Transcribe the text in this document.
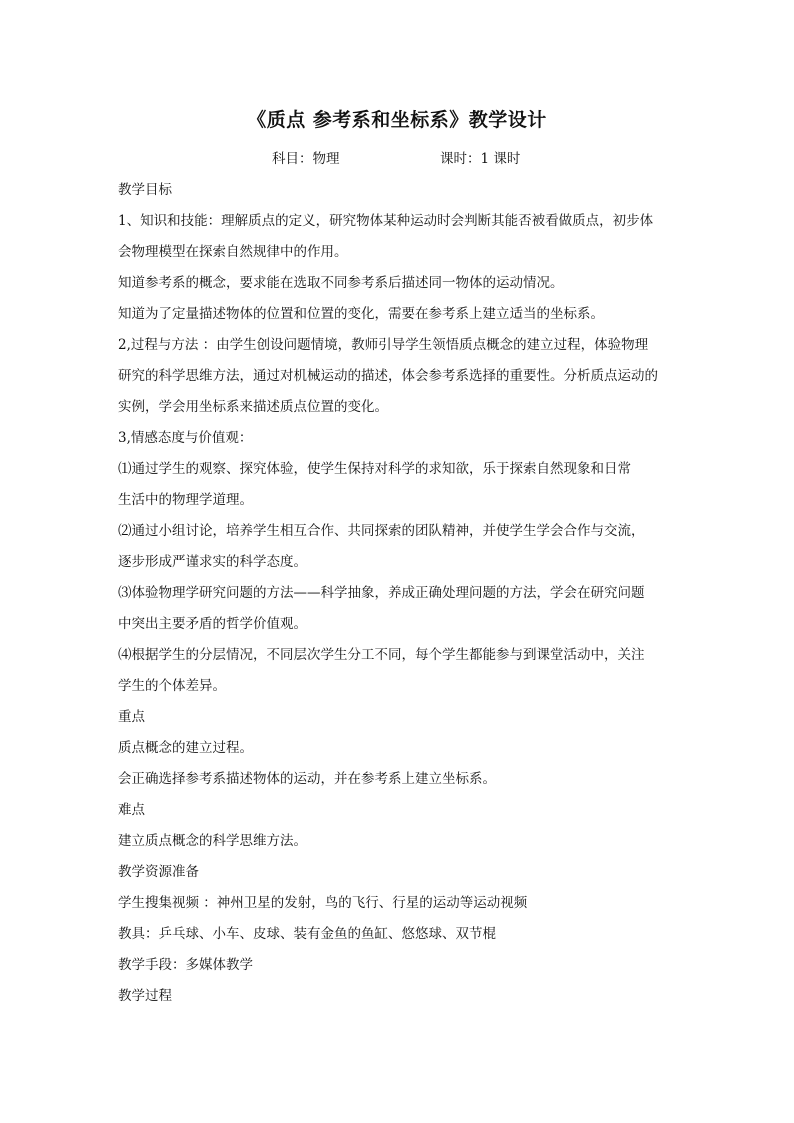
《质点 参考系和坐标系》教学设计
科目：物理	课时：1 课时

教学目标

1、知识和技能：理解质点的定义，研究物体某种运动时会判断其能否被看做质点，初步体

会物理模型在探索自然规律中的作用。

知道参考系的概念，要求能在选取不同参考系后描述同一物体的运动情况。

知道为了定量描述物体的位置和位置的变化，需要在参考系上建立适当的坐标系。

2,过程与方法 ：由学生创设问题情境，教师引导学生领悟质点概念的建立过程，体验物理

研究的科学思维方法，通过对机械运动的描述，体会参考系选择的重要性。分析质点运动的

实例，学会用坐标系来描述质点位置的变化。

3,情感态度与价值观：

⑴通过学生的观察、探究体验，使学生保持对科学的求知欲，乐于探索自然现象和日常

生活中的物理学道理。

⑵通过小组讨论，培养学生相互合作、共同探索的团队精神，并使学生学会合作与交流，

逐步形成严谨求实的科学态度。

⑶体验物理学研究问题的方法——科学抽象，养成正确处理问题的方法，学会在研究问题

中突出主要矛盾的哲学价值观。

⑷根据学生的分层情况，不同层次学生分工不同，每个学生都能参与到课堂活动中，关注

学生的个体差异。

重点

质点概念的建立过程。

会正确选择参考系描述物体的运动，并在参考系上建立坐标系。

难点

建立质点概念的科学思维方法。

教学资源准备

学生搜集视频 ：神州卫星的发射，鸟的飞行、行星的运动等运动视频

教具：乒乓球、小车、皮球、装有金鱼的鱼缸、悠悠球、双节棍

教学手段：多媒体教学

教学过程
